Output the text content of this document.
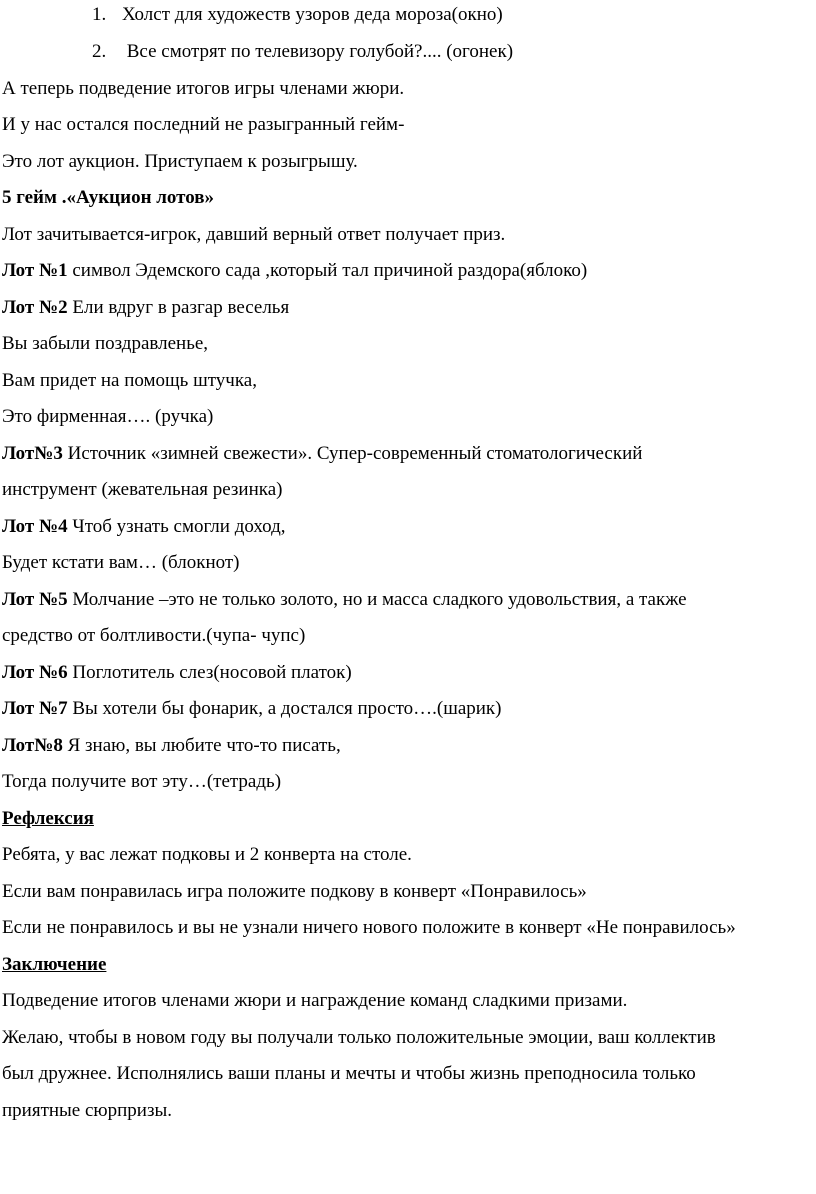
1. Холст для художеств узоров деда мороза(окно)
2. Все смотрят по телевизору голубой?.... (огонек)
А теперь подведение итогов игры членами жюри.
И у нас остался последний не разыгранный гейм-
Это лот аукцион. Приступаем к розыгрышу.
5 гейм .«Аукцион лотов»
Лот зачитывается-игрок, давший верный ответ получает приз.
Лот №1 символ Эдемского сада ,который тал причиной раздора(яблоко)
Лот №2 Ели вдруг в разгар веселья
Вы забыли поздравленье,
Вам придет на помощь штучка,
Это фирменная…. (ручка)
Лот№3 Источник «зимней свежести». Супер-современный стоматологический
инструмент (жевательная резинка)
Лот №4 Чтоб узнать смогли доход,
Будет кстати вам… (блокнот)
Лот №5 Молчание –это не только золото, но и масса сладкого удовольствия, а также
средство от болтливости.(чупа- чупс)
Лот №6 Поглотитель слез(носовой платок)
Лот №7 Вы хотели бы фонарик, а достался просто….(шарик)
Лот№8 Я знаю, вы любите что-то писать,
Тогда получите вот эту…(тетрадь)
Рефлексия
Ребята, у вас лежат подковы и 2 конверта на столе.
Если вам понравилась игра положите подкову в конверт «Понравилось»
Если не понравилось и вы не узнали ничего нового положите в конверт «Не понравилось»
Заключение
Подведение итогов членами жюри и награждение команд сладкими призами.
Желаю, чтобы в новом году вы получали только положительные эмоции, ваш коллектив
был дружнее. Исполнялись ваши планы и мечты и чтобы жизнь преподносила только
приятные сюрпризы.
